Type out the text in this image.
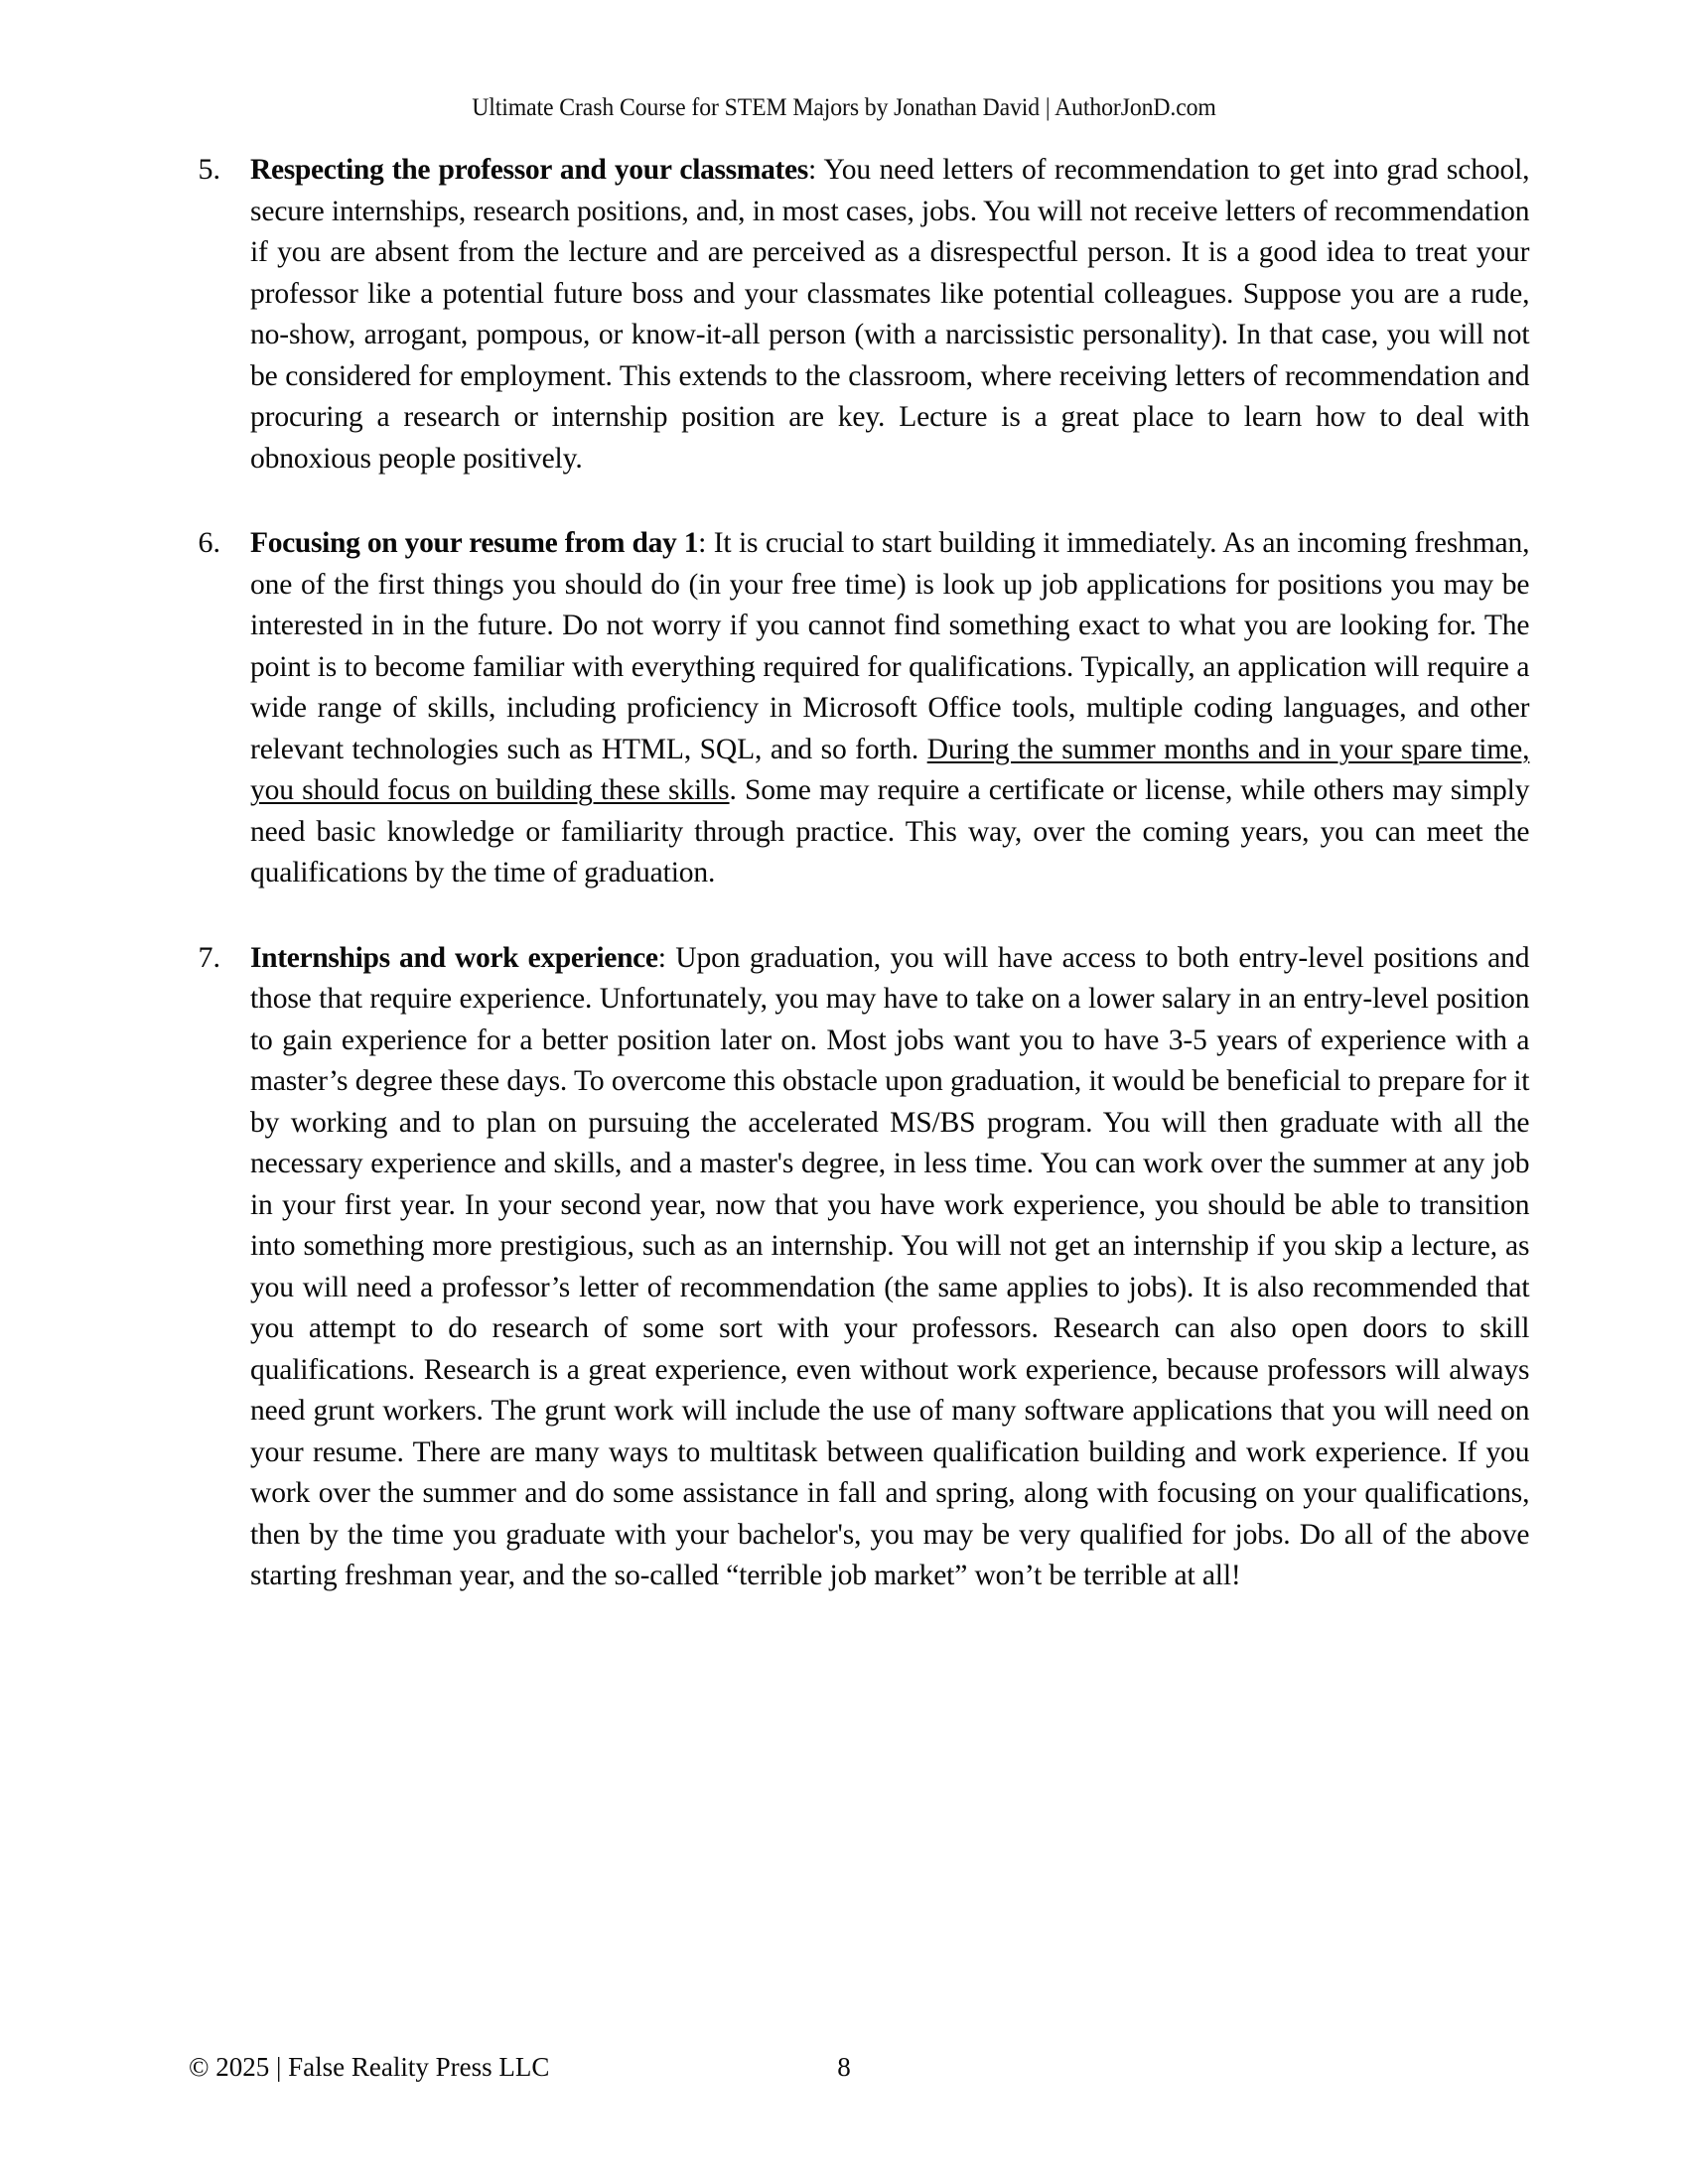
Ultimate Crash Course for STEM Majors by Jonathan David | AuthorJonD.com
5.	Respecting the professor and your classmates: You need letters of recommendation to get into grad school, secure internships, research positions, and, in most cases, jobs. You will not receive letters of recommendation if you are absent from the lecture and are perceived as a disrespectful person. It is a good idea to treat your professor like a potential future boss and your classmates like potential colleagues. Suppose you are a rude, no-show, arrogant, pompous, or know-it-all person (with a narcissistic personality). In that case, you will not be considered for employment. This extends to the classroom, where receiving letters of recommendation and procuring a research or internship position are key. Lecture is a great place to learn how to deal with obnoxious people positively.
6.	Focusing on your resume from day 1: It is crucial to start building it immediately. As an incoming freshman, one of the first things you should do (in your free time) is look up job applications for positions you may be interested in in the future. Do not worry if you cannot find something exact to what you are looking for. The point is to become familiar with everything required for qualifications. Typically, an application will require a wide range of skills, including proficiency in Microsoft Office tools, multiple coding languages, and other relevant technologies such as HTML, SQL, and so forth. During the summer months and in your spare time, you should focus on building these skills. Some may require a certificate or license, while others may simply need basic knowledge or familiarity through practice. This way, over the coming years, you can meet the qualifications by the time of graduation.
7.	Internships and work experience: Upon graduation, you will have access to both entry-level positions and those that require experience. Unfortunately, you may have to take on a lower salary in an entry-level position to gain experience for a better position later on. Most jobs want you to have 3-5 years of experience with a master’s degree these days. To overcome this obstacle upon graduation, it would be beneficial to prepare for it by working and to plan on pursuing the accelerated MS/BS program. You will then graduate with all the necessary experience and skills, and a master's degree, in less time. You can work over the summer at any job in your first year. In your second year, now that you have work experience, you should be able to transition into something more prestigious, such as an internship. You will not get an internship if you skip a lecture, as you will need a professor’s letter of recommendation (the same applies to jobs). It is also recommended that you attempt to do research of some sort with your professors. Research can also open doors to skill qualifications. Research is a great experience, even without work experience, because professors will always need grunt workers. The grunt work will include the use of many software applications that you will need on your resume. There are many ways to multitask between qualification building and work experience. If you work over the summer and do some assistance in fall and spring, along with focusing on your qualifications, then by the time you graduate with your bachelor's, you may be very qualified for jobs. Do all of the above starting freshman year, and the so-called “terrible job market” won’t be terrible at all!
© 2025 | False Reality Press LLC	8
